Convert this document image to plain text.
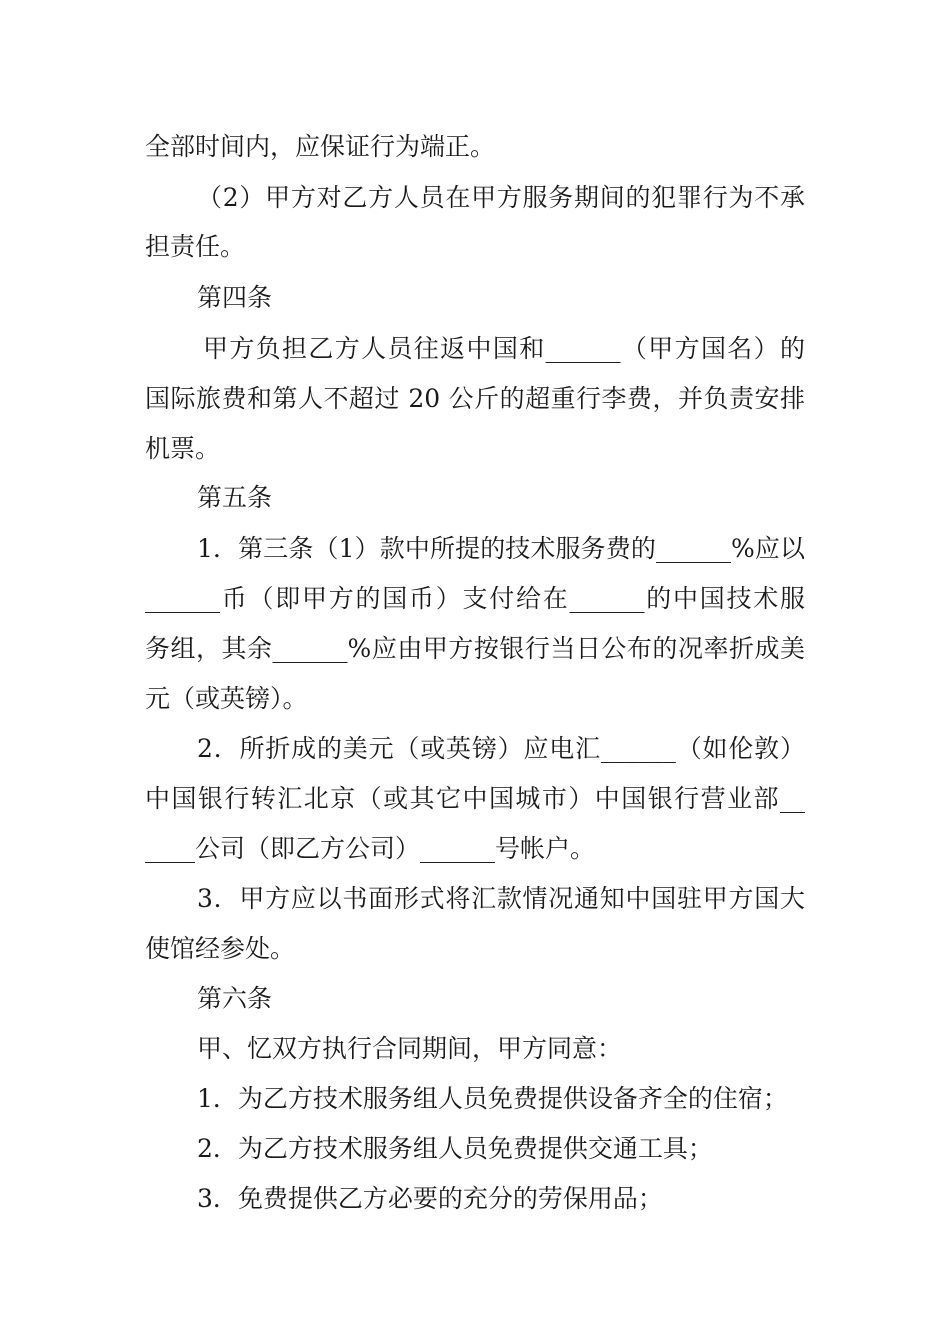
全部时间内，应保证行为端正。
（2）甲方对乙方人员在甲方服务期间的犯罪行为不承
担责任。
第四条
甲方负担乙方人员往返中国和______（甲方国名）的
国际旅费和第人不超过 20 公斤的超重行李费，并负责安排
机票。
第五条
1．第三条（1）款中所提的技术服务费的______%应以
______币（即甲方的国币）支付给在______的中国技术服
务组，其余______%应由甲方按银行当日公布的况率折成美
元（或英镑）。
2．所折成的美元（或英镑）应电汇______（如伦敦）
中国银行转汇北京（或其它中国城市）中国银行营业部__
____公司（即乙方公司）______号帐户。
3．甲方应以书面形式将汇款情况通知中国驻甲方国大
使馆经参处。
第六条
甲、忆双方执行合同期间，甲方同意：
1．为乙方技术服务组人员免费提供设备齐全的住宿；
2．为乙方技术服务组人员免费提供交通工具；
3．免费提供乙方必要的充分的劳保用品；
